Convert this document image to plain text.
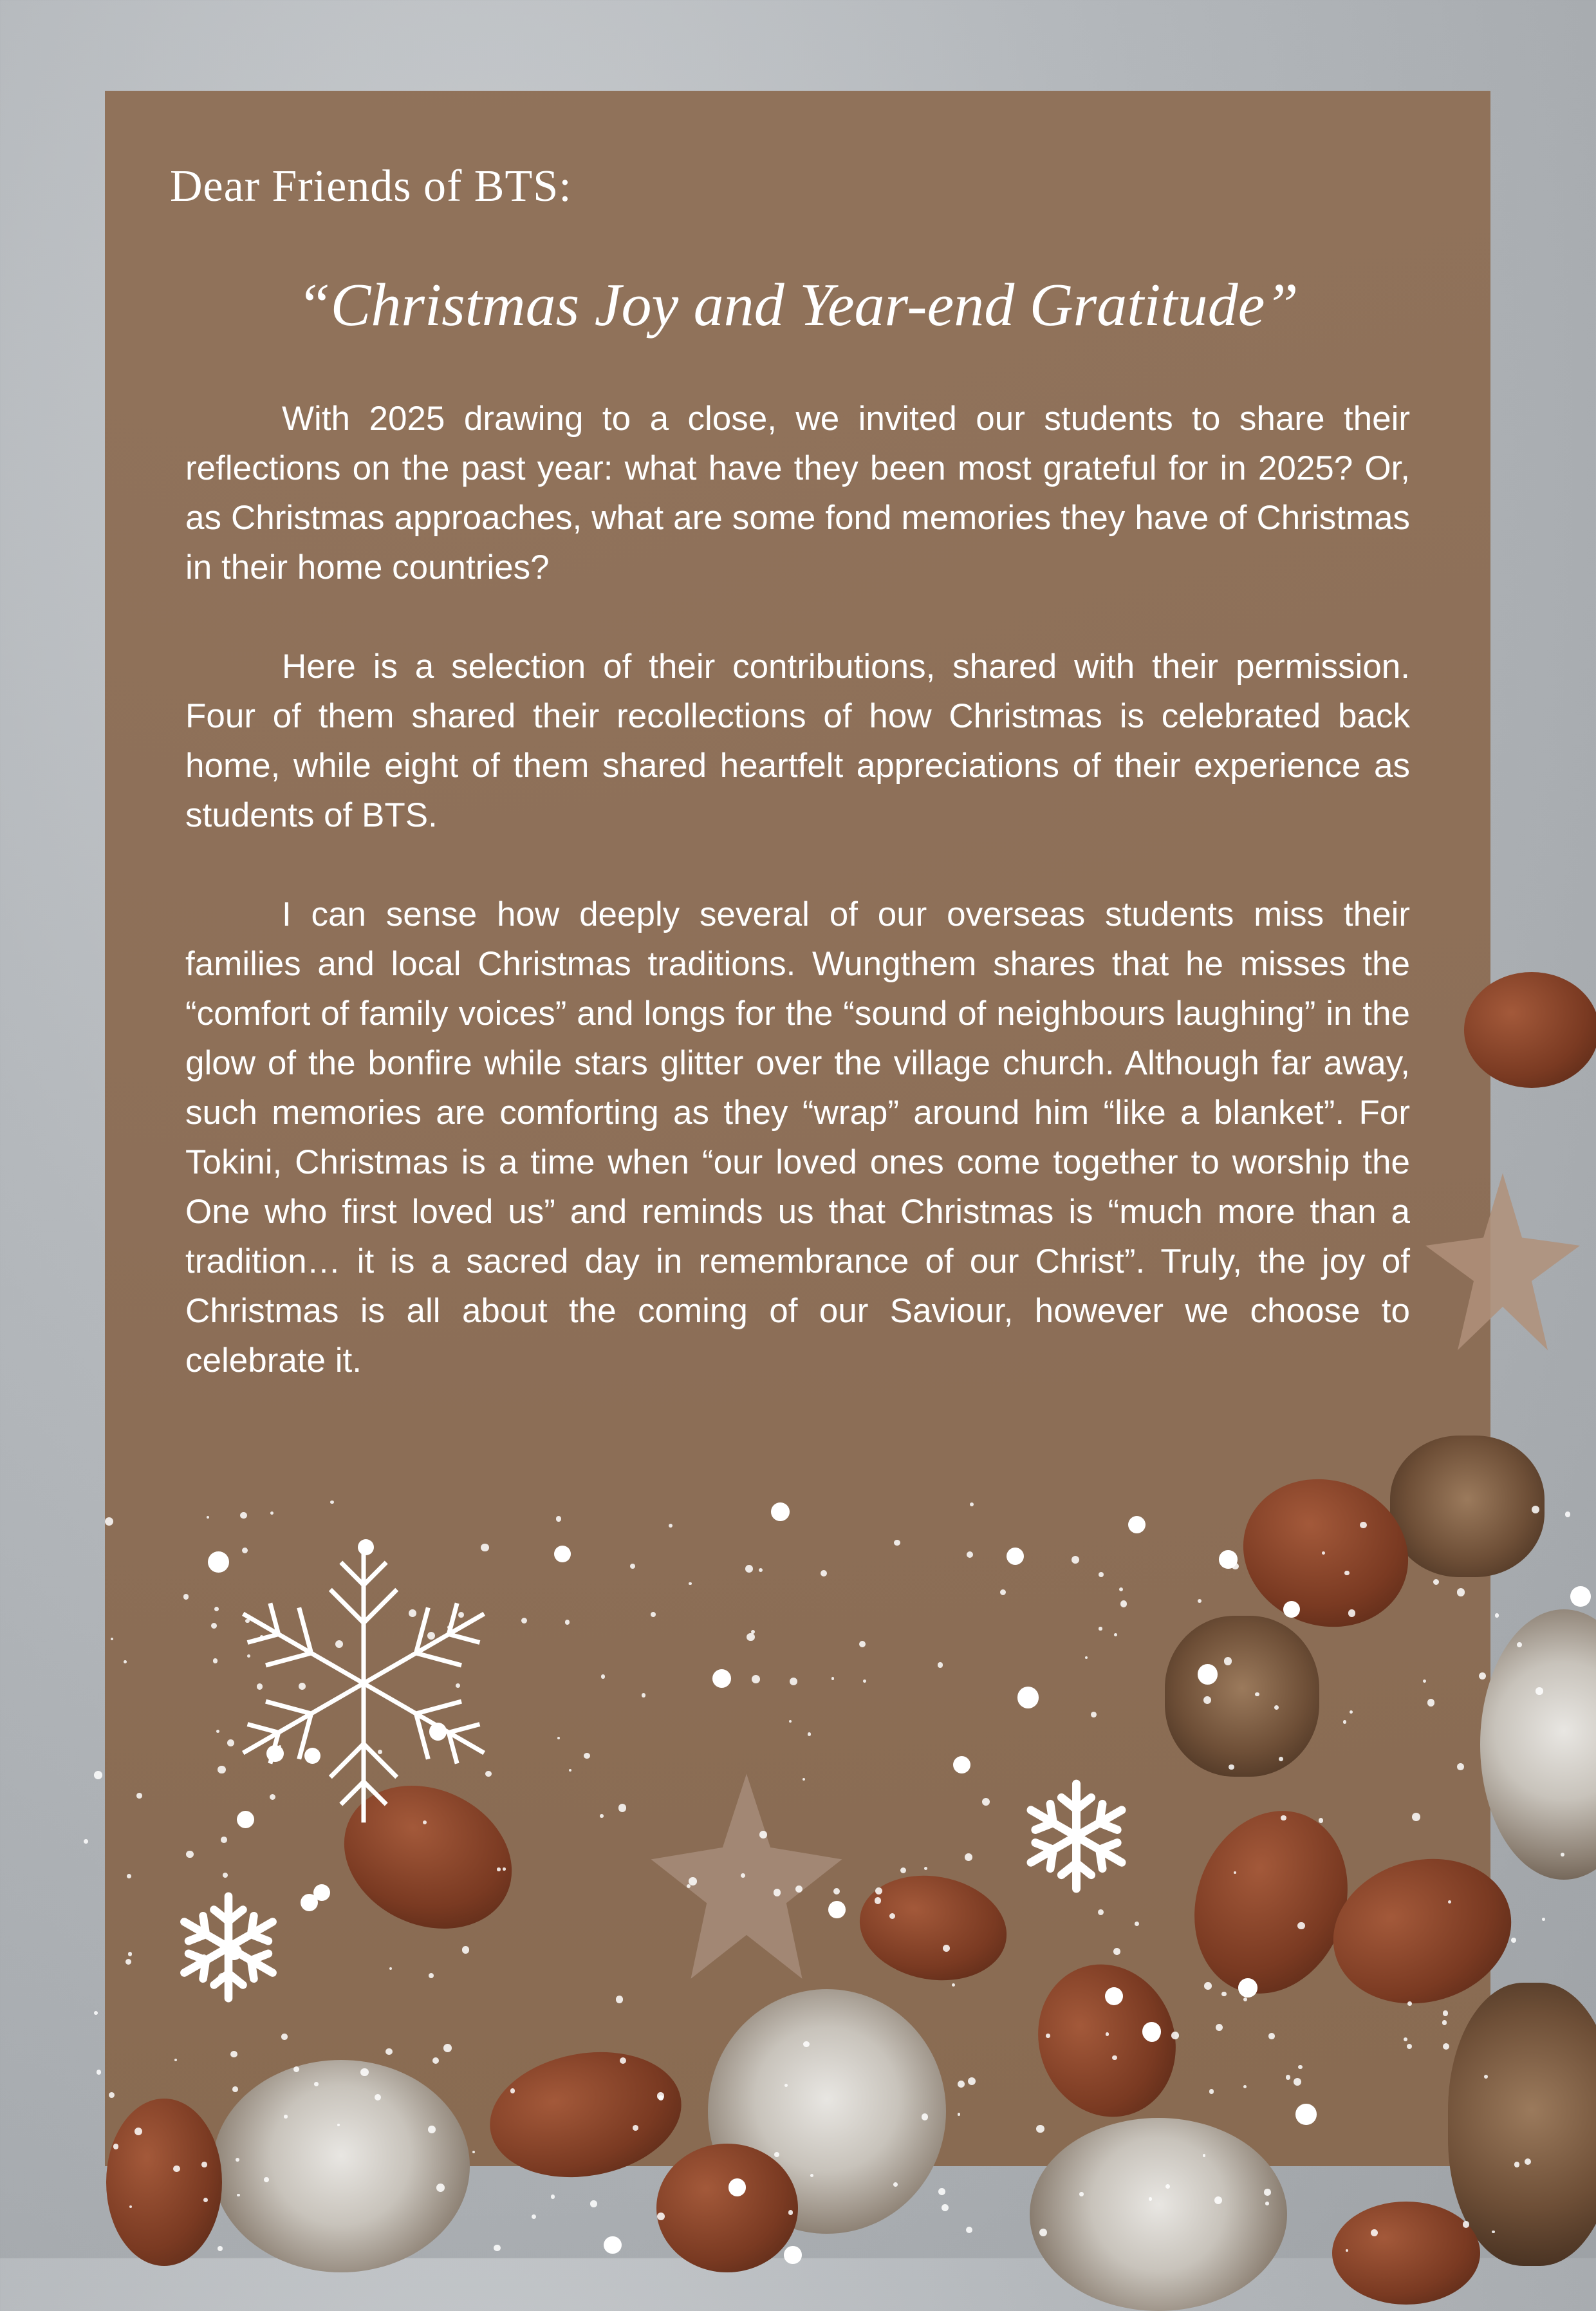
Dear Friends of BTS:
“Christmas Joy and Year-end Gratitude”

With 2025 drawing to a close, we invited our students to share their reflections on the past year: what have they been most grateful for in 2025? Or, as Christmas approaches, what are some fond memories they have of Christmas in their home countries?

Here is a selection of their contributions, shared with their permission. Four of them shared their recollections of how Christmas is celebrated back home, while eight of them shared heartfelt appreciations of their experience as students of BTS.

I can sense how deeply several of our overseas students miss their families and local Christmas traditions. Wungthem shares that he misses the “comfort of family voices” and longs for the “sound of neighbours laughing” in the glow of the bonfire while stars glitter over the village church. Although far away, such memories are comforting as they “wrap” around him “like a blanket”. For Tokini, Christmas is a time when “our loved ones come together to worship the One who first loved us” and reminds us that Christmas is “much more than a tradition… it is a sacred day in remembrance of our Christ”. Truly, the joy of Christmas is all about the coming of our Saviour, however we choose to celebrate it.
